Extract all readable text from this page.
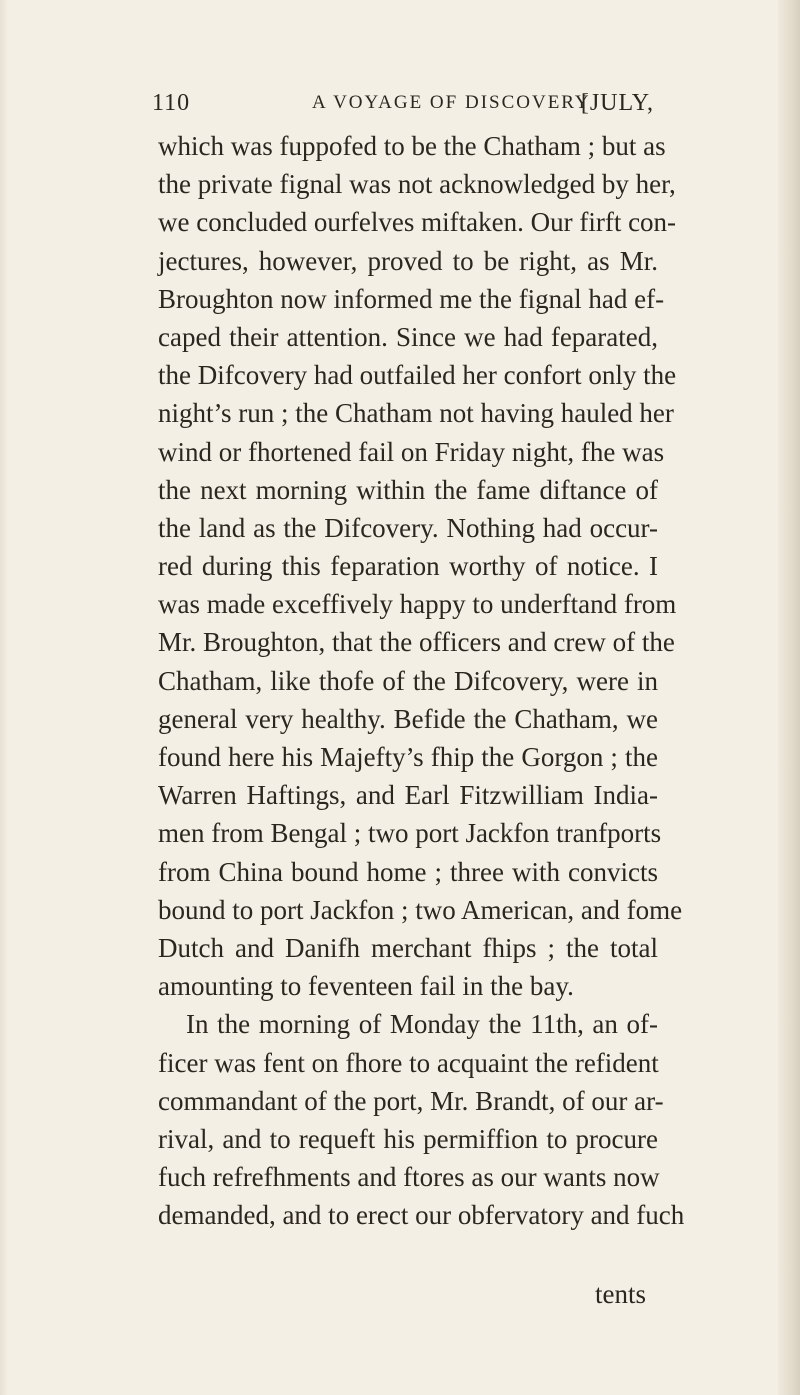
110	A VOYAGE OF DISCOVERY
[JULY,
which was fuppofed to be the Chatham ; but as
the private fignal was not acknowledged by her,
we concluded ourfelves miftaken. Our firft con-
jectures, however, proved to be right, as Mr.
Broughton now informed me the fignal had ef-
caped their attention. Since we had feparated,
the Difcovery had outfailed her confort only the
night’s run ; the Chatham not having hauled her
wind or fhortened fail on Friday night, fhe was
the next morning within the fame diftance of
the land as the Difcovery. Nothing had occur-
red during this feparation worthy of notice. I
was made exceffively happy to underftand from
Mr. Broughton, that the officers and crew of the
Chatham, like thofe of the Difcovery, were in
general very healthy. Befide the Chatham, we
found here his Majefty’s fhip the Gorgon ; the
Warren Haftings, and Earl Fitzwilliam India-
men from Bengal ; two port Jackfon tranfports
from China bound home ; three with convicts
bound to port Jackfon ; two American, and fome
Dutch and Danifh merchant fhips ; the total
amounting to feventeen fail in the bay.
In the morning of Monday the 11th, an of-
ficer was fent on fhore to acquaint the refident
commandant of the port, Mr. Brandt, of our ar-
rival, and to requeft his permiffion to procure
fuch refrefhments and ftores as our wants now
demanded, and to erect our obfervatory and fuch
tents
